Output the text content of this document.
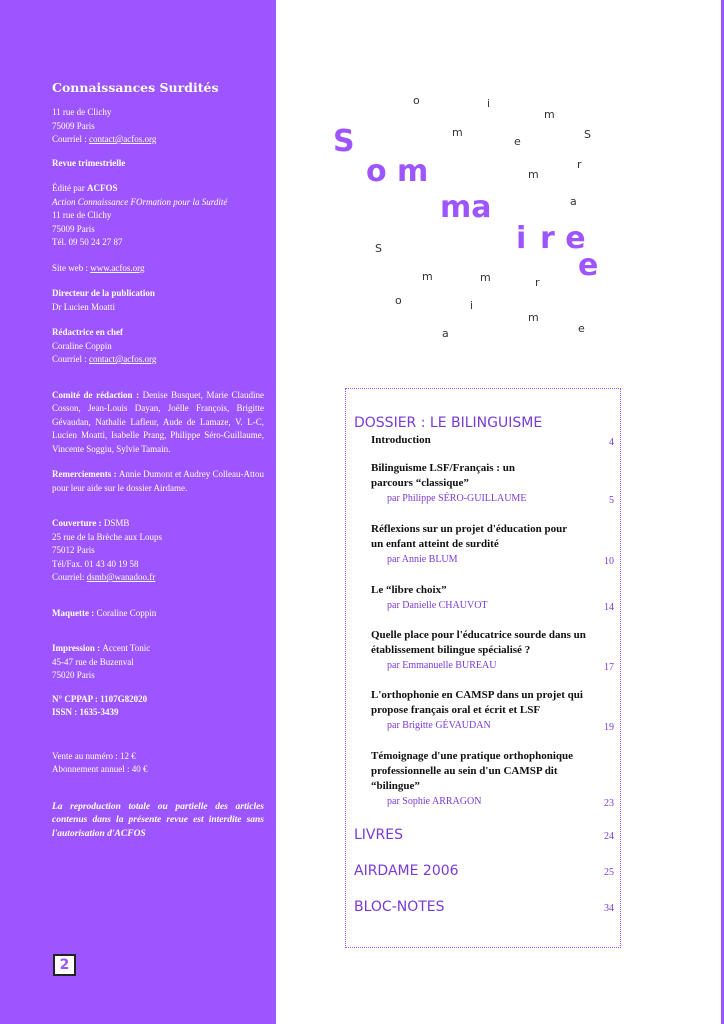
Connaissances Surdités
11 rue de Clichy
75009 Paris
Courriel : contact@acfos.org
Revue trimestrielle
Édité par ACFOS
Action Connaissance FOrmation pour la Surdité
11 rue de Clichy
75009 Paris
Tél. 09 50 24 27 87
Site web : www.acfos.org
Directeur de la publication
Dr Lucien Moatti
Rédactrice en chef
Coraline Coppin
Courriel : contact@acfos.org
Comité de rédaction : Denise Busquet, Marie Claudine Cosson, Jean-Louis Dayan, Joëlle François, Brigitte Gévaudan, Nathalie Lafleur, Aude de Lamaze, V. L-C, Lucien Moatti, Isabelle Prang, Philippe Séro-Guillaume, Vincente Soggiu, Sylvie Tamain.
Remerciements : Annie Dumont et Audrey Colleau-Attou pour leur aide sur le dossier Airdame.
Couverture : DSMB
25 rue de la Brèche aux Loups
75012 Paris
Tél/Fax. 01 43 40 19 58
Courriel: dsmb@wanadoo.fr
Maquette : Coraline Coppin
Impression : Accent Tonic
45-47 rue de Buzenval
75020 Paris
N° CPPAP : 1107G82020
ISSN : 1635-3439
Vente au numéro : 12 €
Abonnement annuel : 40 €
La reproduction totale ou partielle des articles contenus dans la présente revue est interdite sans l'autorisation d'ACFOS
2
o	i
m
m
e
S
S
r
o m	m
a
ma
i r e
S	e
m	m	r
o	i
m
e
a
DOSSIER : LE BILINGUISME
Introduction	4
Bilinguisme LSF/Français : un parcours “classique”
par Philippe SÉRO-GUILLAUME	5
Réflexions sur un projet d'éducation pour un enfant atteint de surdité
par Annie BLUM	10
Le “libre choix”
par Danielle CHAUVOT	14
Quelle place pour l'éducatrice sourde dans un établissement bilingue spécialisé ?
par Emmanuelle BUREAU	17
L'orthophonie en CAMSP dans un projet qui propose français oral et écrit et LSF
par Brigitte GÉVAUDAN	19
Témoignage d'une pratique orthophonique professionnelle au sein d'un CAMSP dit “bilingue”
par Sophie ARRAGON	23
LIVRES	24
AIRDAME 2006	25
BLOC-NOTES	34
